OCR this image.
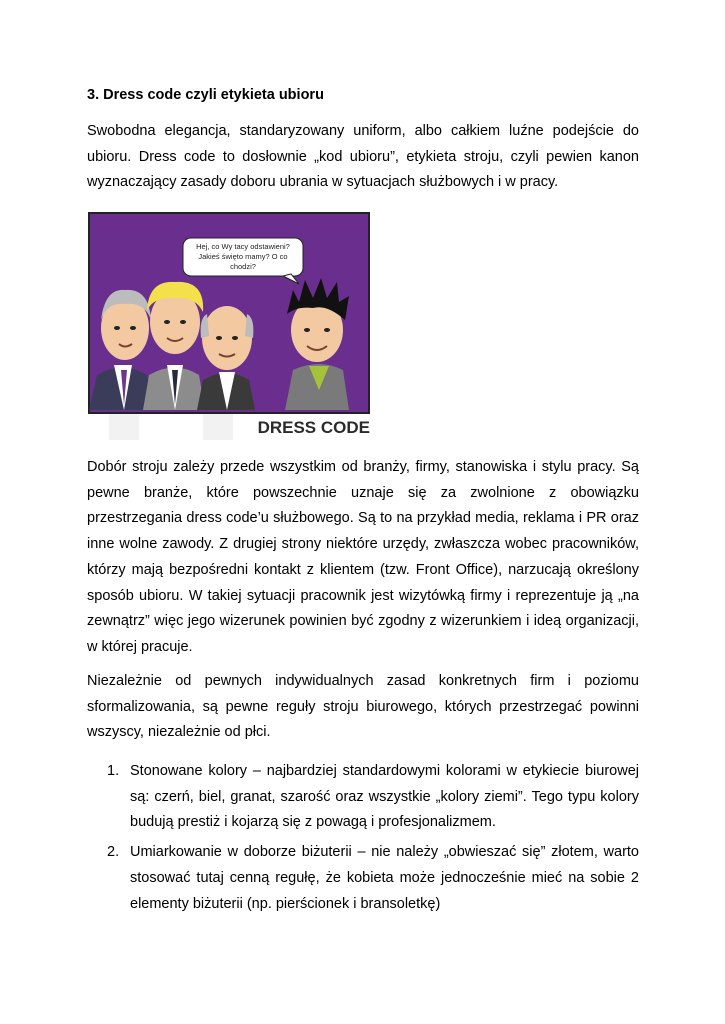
3. Dress code czyli etykieta ubioru

Swobodna elegancja, standaryzowany uniform, albo całkiem luźne podejście do ubioru. Dress code to dosłownie „kod ubioru”, etykieta stroju, czyli pewien kanon wyznaczający zasady doboru ubrania w sytuacjach służbowych i w pracy.

Hej, co Wy tacy odstawieni?
Jakieś święto mamy? O co
chodzi?
DRESS CODE

Dobór stroju zależy przede wszystkim od branży, firmy, stanowiska i stylu pracy. Są pewne branże, które powszechnie uznaje się za zwolnione z obowiązku przestrzegania dress code’u służbowego. Są to na przykład media, reklama i PR oraz inne wolne zawody. Z drugiej strony niektóre urzędy, zwłaszcza wobec pracowników, którzy mają bezpośredni kontakt z klientem (tzw. Front Office), narzucają określony sposób ubioru. W takiej sytuacji pracownik jest wizytówką firmy i reprezentuje ją „na zewnątrz” więc jego wizerunek powinien być zgodny z wizerunkiem i ideą organizacji, w której pracuje.

Niezależnie od pewnych indywidualnych zasad konkretnych firm i poziomu sformalizowania, są pewne reguły stroju biurowego, których przestrzegać powinni wszyscy, niezależnie od płci.

1. Stonowane kolory – najbardziej standardowymi kolorami w etykiecie biurowej są: czerń, biel, granat, szarość oraz wszystkie „kolory ziemi”. Tego typu kolory budują prestiż i kojarzą się z powagą i profesjonalizmem.
2. Umiarkowanie w doborze biżuterii – nie należy „obwieszać się” złotem, warto stosować tutaj cenną regułę, że kobieta może jednocześnie mieć na sobie 2 elementy biżuterii (np. pierścionek i bransoletkę)
